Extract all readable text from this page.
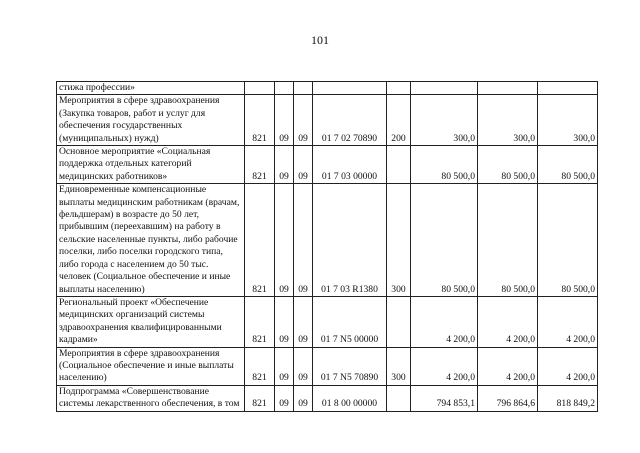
101
стижа профессии»								
Мероприятия в сфере здравоохранения (Закупка товаров, работ и услуг для обеспечения государственных (муниципальных) нужд)	821	09	09	01 7 02 70890	200	300,0	300,0	300,0
Основное мероприятие «Социальная поддержка отдельных категорий медицинских работников»	821	09	09	01 7 03 00000		80 500,0	80 500,0	80 500,0
Единовременные компенсационные выплаты медицинским работникам (врачам, фельдшерам) в возрасте до 50 лет, прибывшим (переехавшим) на работу в сельские населенные пункты, либо рабочие поселки, либо поселки городского типа, либо города с населением до 50 тыс. человек (Социальное обеспечение и иные выплаты населению)	821	09	09	01 7 03 R1380	300	80 500,0	80 500,0	80 500,0
Региональный проект «Обеспечение медицинских организаций системы здравоохранения квалифицированными кадрами»	821	09	09	01 7 N5 00000		4 200,0	4 200,0	4 200,0
Мероприятия в сфере здравоохранения (Социальное обеспечение и иные выплаты населению)	821	09	09	01 7 N5 70890	300	4 200,0	4 200,0	4 200,0
Подпрограмма «Совершенствование системы лекарственного обеспечения, в том	821	09	09	01 8 00 00000		794 853,1	796 864,6	818 849,2
